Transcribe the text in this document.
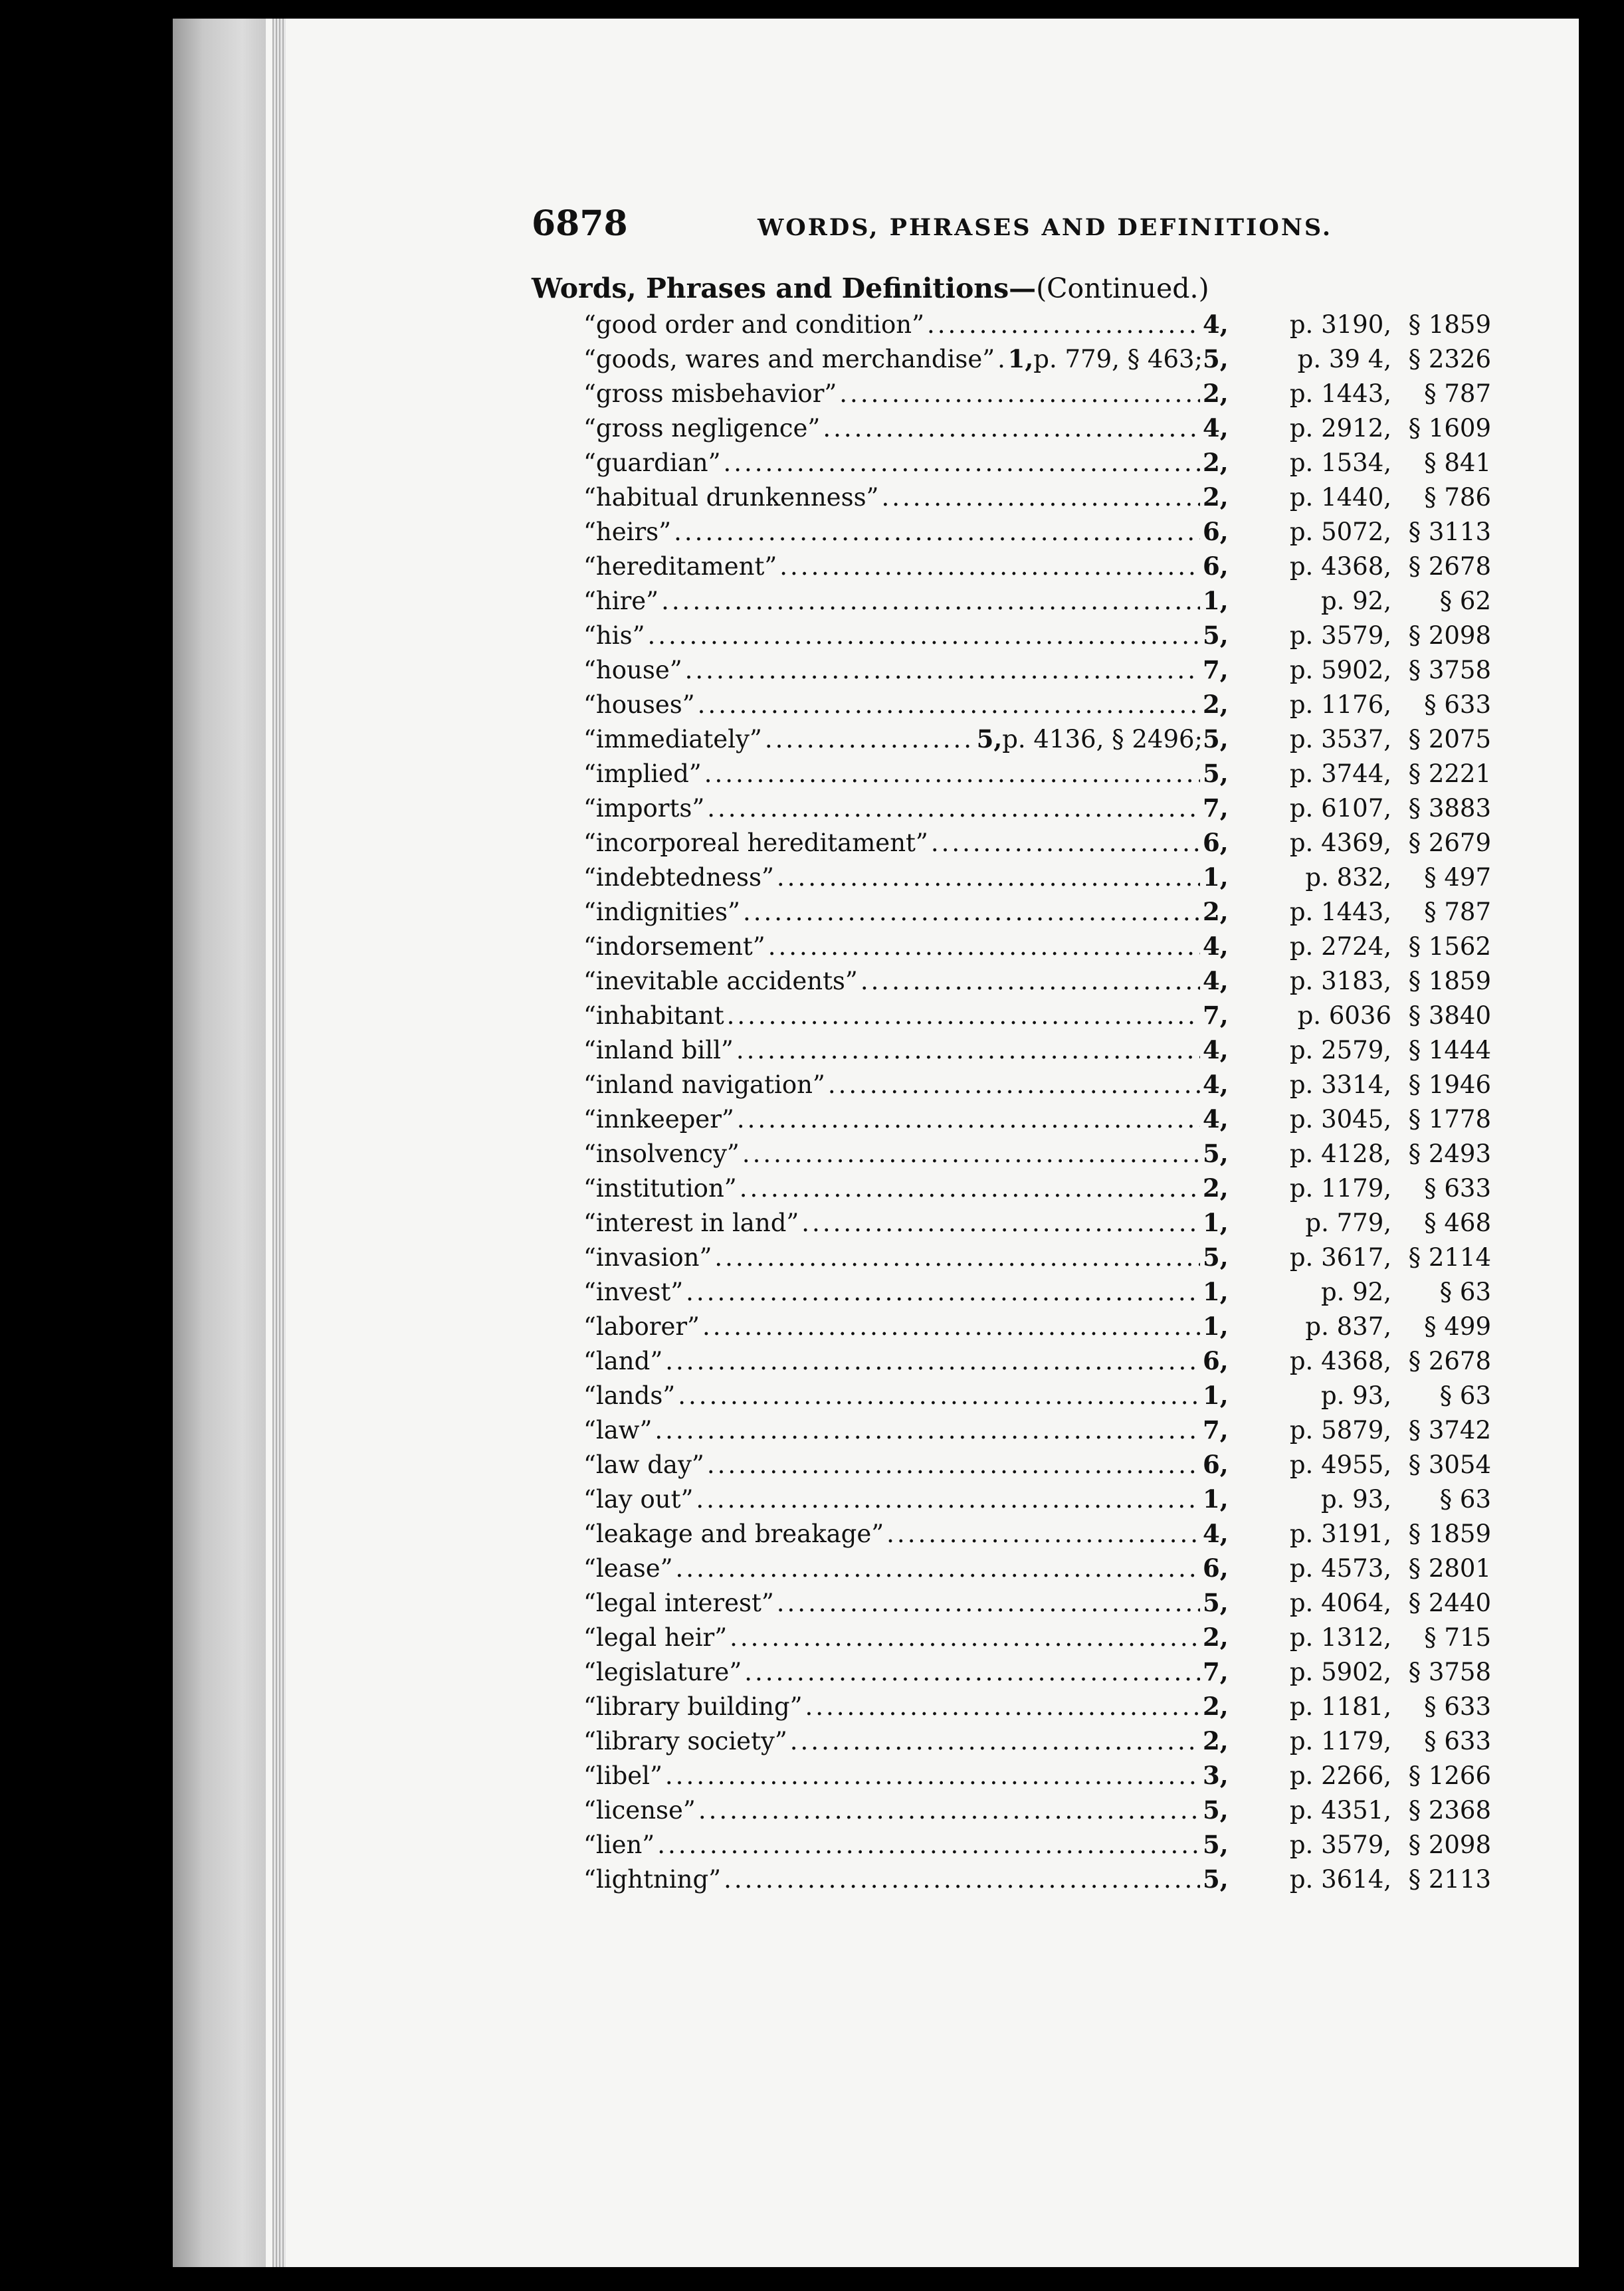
6878	WORDS, PHRASES AND DEFINITIONS.
Words, Phrases and Definitions—(Continued.)
“good order and condition” .....	4,	p. 3190, § 1859
“goods, wares and merchandise” ..... 1, p. 779, § 463; 5,	p. 39 4, § 2326
“gross misbehavior” .....	2,	p. 1443,	§ 787
“gross negligence” .....	4,	p. 2912, § 1609
“guardian” .....	2,	p. 1534,	§ 841
“habitual drunkenness” .....	2,	p. 1440,	§ 786
“heirs” .....	6,	p. 5072, § 3113
“hereditament” .....	6,	p. 4368, § 2678
“hire” .....	1,	p. 92,	§ 62
“his” .....	5,	p. 3579, § 2098
“house” .....	7,	p. 5902, § 3758
“houses” .....	2,	p. 1176,	§ 633
“immediately” .....	5, p. 4136, § 2496; 5,	p. 3537, § 2075
“implied” .....	5,	p. 3744, § 2221
“imports” .....	7,	p. 6107, § 3883
“incorporeal hereditament” .....	6,	p. 4369, § 2679
“indebtedness” .....	1,	p. 832,	§ 497
“indignities” .....	2,	p. 1443,	§ 787
“indorsement” .....	4,	p. 2724, § 1562
“inevitable accidents” .....	4,	p. 3183, § 1859
“inhabitant .....	7,	p. 6036 § 3840
“inland bill” .....	4,	p. 2579, § 1444
“inland navigation” .....	4,	p. 3314, § 1946
“innkeeper” .....	4,	p. 3045, § 1778
“insolvency” .....	5,	p. 4128, § 2493
“institution” .....	2,	p. 1179,	§ 633
“interest in land” .....	1,	p. 779,	§ 468
“invasion” .....	5,	p. 3617, § 2114
“invest” .....	1,	p. 92,	§ 63
“laborer” .....	1,	p. 837,	§ 499
“land” .....	6,	p. 4368, § 2678
“lands” .....	1,	p. 93,	§ 63
“law” .....	7,	p. 5879, § 3742
“law day” .....	6,	p. 4955, § 3054
“lay out” .....	1,	p. 93,	§ 63
“leakage and breakage” .....	4,	p. 3191, § 1859
“lease” .....	6,	p. 4573, § 2801
“legal interest” .....	5,	p. 4064, § 2440
“legal heir” .....	2,	p. 1312,	§ 715
“legislature” .....	7,	p. 5902, § 3758
“library building” .....	2,	p. 1181,	§ 633
“library society” .....	2,	p. 1179,	§ 633
“libel” .....	3,	p. 2266, § 1266
“license” .....	5,	p. 4351, § 2368
“lien” .....	5,	p. 3579, § 2098
“lightning” .....	5,	p. 3614, § 2113
